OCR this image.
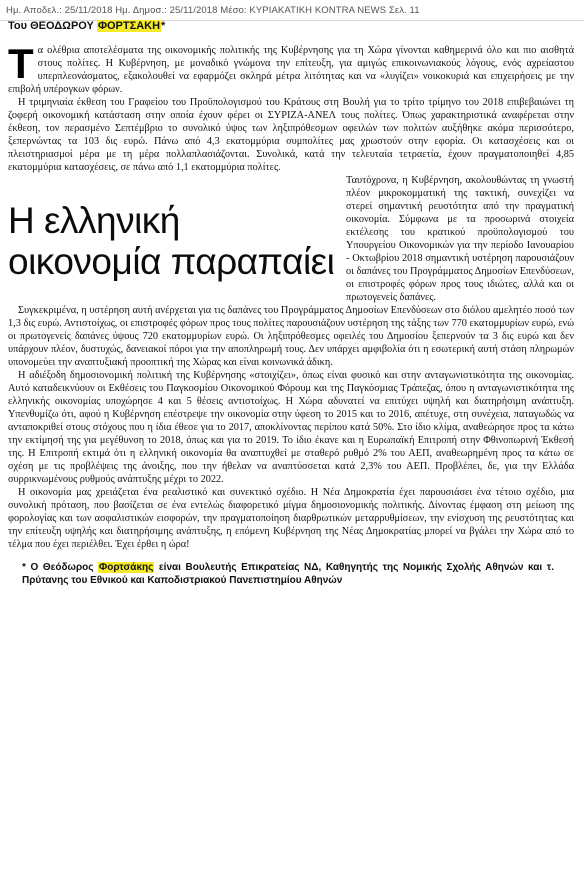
Ημ. Αποδελ.: 25/11/2018 Ημ. Δημοσ.: 25/11/2018 Μέσο: ΚΥΡΙΑΚΑΤΙΚΗ KONTRA NEWS Σελ. 11
Του ΘΕΟΔΩΡΟΥ ΦΟΡΤΣΑΚΗ*

Τα ολέθρια αποτελέσματα της οικονομικής πολιτικής της Κυβέρνησης για τη Χώρα γίνονται καθημερινά όλο και πιο αισθητά στους πολίτες. Η Κυβέρνηση, με μοναδικό γνώμονα την επίτευξη, για αμιγώς επικοινωνιακούς λόγους, ενός αχρείαστου υπερπλεονάσματος, εξακολουθεί να εφαρμόζει σκληρά μέτρα λιτότητας και να «λυγίζει» νοικοκυριά και επιχειρήσεις με την επιβολή υπέρογκων φόρων.

Η τριμηνιαία έκθεση του Γραφείου του Προϋπολογισμού του Κράτους στη Βουλή για το τρίτο τρίμηνο του 2018 επιβεβαιώνει τη ζοφερή οικονομική κατάσταση στην οποία έχουν φέρει οι ΣΥΡΙΖΑ-ΑΝΕΛ τους πολίτες. Όπως χαρακτηριστικά αναφέρεται στην έκθεση, τον περασμένο Σεπτέμβριο το συνολικό ύψος των ληξιπρόθεσμων οφειλών των πολιτών αυξήθηκε ακόμα περισσότερο, ξεπερνώντας τα 103 δις ευρώ. Πάνω από 4,3 εκατομμύρια συμπολίτες μας χρωστούν στην εφορία. Οι κατασχέσεις και οι πλειστηριασμοί μέρα με τη μέρα πολλαπλασιάζονται. Συνολικά, κατά την τελευταία τετραετία, έχουν πραγματοποιηθεί 4,85 εκατομμύρια κατασχέσεις, σε πάνω από 1,1 εκατομμύρια πολίτες.

Η ελληνική
οικονομία παραπαίει

Ταυτόχρονα, η Κυβέρνηση, ακολουθώντας τη γνωστή πλέον μικροκομματική της τακτική, συνεχίζει να στερεί σημαντική ρευστότητα από την πραγματική οικονομία. Σύμφωνα με τα προσωρινά στοιχεία εκτέλεσης του κρατικού προϋπολογισμού του Υπουργείου Οικονομικών για την περίοδο Ιανουαρίου - Οκτωβρίου 2018 σημαντική υστέρηση παρουσιάζουν οι δαπάνες του Προγράμματος Δημοσίων Επενδύσεων, οι επιστροφές φόρων προς τους ιδιώτες, αλλά και οι πρωτογενείς δαπάνες.

Συγκεκριμένα, η υστέρηση αυτή ανέρχεται για τις δαπάνες του Προγράμματος Δημοσίων Επενδύσεων στο διόλου αμελητέο ποσό των 1,3 δις ευρώ. Αντιστοίχως, οι επιστροφές φόρων προς τους πολίτες παρουσιάζουν υστέρηση της τάξης των 770 εκατομμυρίων ευρώ, ενώ οι πρωτογενείς δαπάνες ύψους 720 εκατομμυρίων ευρώ. Οι ληξιπρόθεσμες οφειλές του Δημοσίου ξεπερνούν τα 3 δις ευρώ και δεν υπάρχουν πλέον, δυστυχώς, δανειακοί πόροι για την αποπληρωμή τους. Δεν υπάρχει αμφιβολία ότι η εσωτερική αυτή στάση πληρωμών υπονομεύει την αναπτυξιακή προοπτική της Χώρας και είναι κοινωνικά άδικη.

Η αδιέξοδη δημοσιονομική πολιτική της Κυβέρνησης «στοιχίζει», όπως είναι φυσικό και στην ανταγωνιστικότητα της οικονομίας. Αυτό καταδεικνύουν οι Εκθέσεις του Παγκοσμίου Οικονομικού Φόρουμ και της Παγκόσμιας Τράπεζας, όπου η ανταγωνιστικότητα της ελληνικής οικονομίας υποχώρησε 4 και 5 θέσεις αντιστοίχως. Η Χώρα αδυνατεί να επιτύχει υψηλή και διατηρήσιμη ανάπτυξη. Υπενθυμίζω ότι, αφού η Κυβέρνηση επέστρεψε την οικονομία στην ύφεση το 2015 και το 2016, απέτυχε, στη συνέχεια, παταγωδώς να ανταποκριθεί στους στόχους που η ίδια έθεσε για το 2017, αποκλίνοντας περίπου κατά 50%. Στο ίδιο κλίμα, αναθεώρησε προς τα κάτω την εκτίμησή της για μεγέθυνση το 2018, όπως και για το 2019. Το ίδιο έκανε και η Ευρωπαϊκή Επιτροπή στην Φθινοπωρινή Έκθεσή της. Η Επιτροπή εκτιμά ότι η ελληνική οικονομία θα αναπτυχθεί με σταθερό ρυθμό 2% του ΑΕΠ, αναθεωρημένη προς τα κάτω σε σχέση με τις προβλέψεις της άνοιξης, που την ήθελαν να αναπτύσσεται κατά 2,3% του ΑΕΠ. Προβλέπει, δε, για την Ελλάδα συρρικνωμένους ρυθμούς ανάπτυξης μέχρι το 2022.

Η οικονομία μας χρειάζεται ένα ρεαλιστικό και συνεκτικό σχέδιο. Η Νέα Δημοκρατία έχει παρουσιάσει ένα τέτοιο σχέδιο, μια συνολική πρόταση, που βασίζεται σε ένα εντελώς διαφορετικό μίγμα δημοσιονομικής πολιτικής. Δίνοντας έμφαση στη μείωση της φορολογίας και των ασφαλιστικών εισφορών, την πραγματοποίηση διαρθρωτικών μεταρρυθμίσεων, την ενίσχυση της ρευστότητας και την επίτευξη υψηλής και διατηρήσιμης ανάπτυξης, η επόμενη Κυβέρνηση της Νέας Δημοκρατίας μπορεί να βγάλει την Χώρα από το τέλμα που έχει περιέλθει. Έχει έρθει η ώρα!

* Ο Θεόδωρος Φορτσάκης είναι Βουλευτής Επικρατείας ΝΔ, Καθηγητής της Νομικής Σχολής Αθηνών και τ. Πρύτανης του Εθνικού και Καποδιστριακού Πανεπιστημίου Αθηνών
